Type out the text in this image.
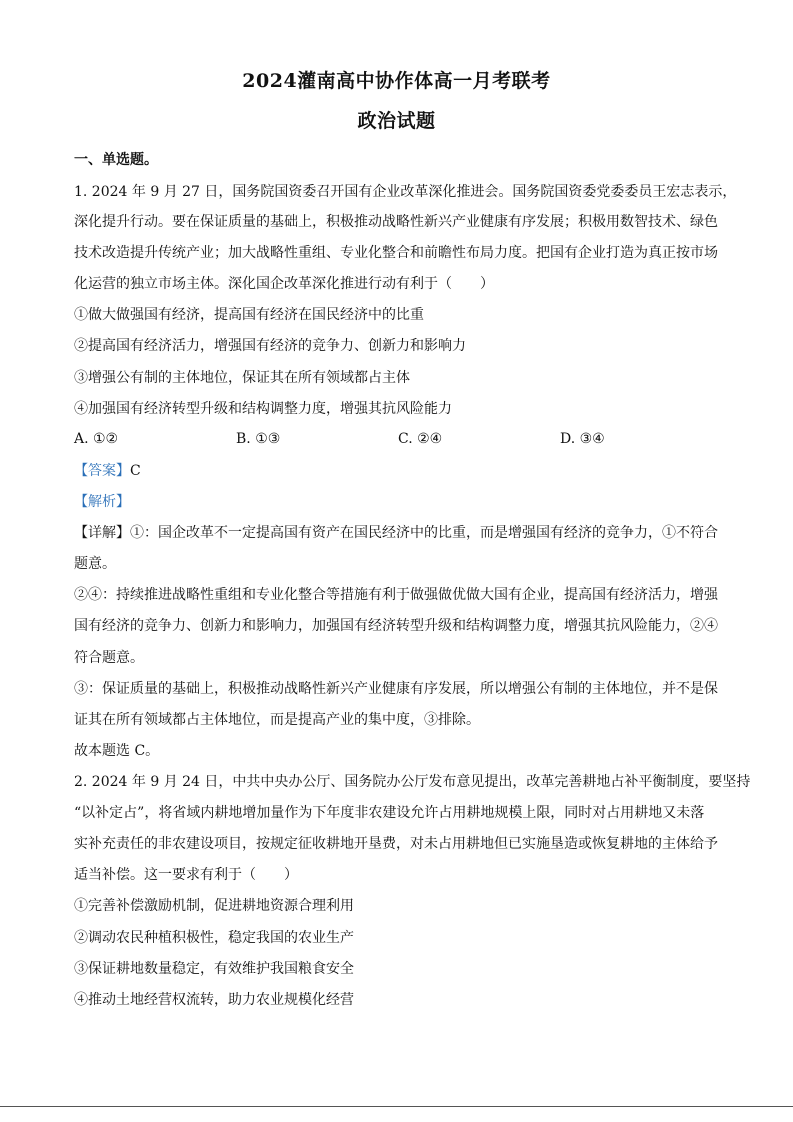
2024灌南高中协作体高一月考联考
政治试题
一、单选题。
1. 2024 年 9 月 27 日，国务院国资委召开国有企业改革深化推进会。国务院国资委党委委员王宏志表示，
深化提升行动。要在保证质量的基础上，积极推动战略性新兴产业健康有序发展；积极用数智技术、绿色
技术改造提升传统产业；加大战略性重组、专业化整合和前瞻性布局力度。把国有企业打造为真正按市场
化运营的独立市场主体。深化国企改革深化推进行动有利于（　　）
①做大做强国有经济，提高国有经济在国民经济中的比重
②提高国有经济活力，增强国有经济的竞争力、创新力和影响力
③增强公有制的主体地位，保证其在所有领域都占主体
④加强国有经济转型升级和结构调整力度，增强其抗风险能力
A. ①②	B. ①③	C. ②④	D. ③④
【答案】C
【解析】
【详解】①：国企改革不一定提高国有资产在国民经济中的比重，而是增强国有经济的竞争力，①不符合
题意。
②④：持续推进战略性重组和专业化整合等措施有利于做强做优做大国有企业，提高国有经济活力，增强
国有经济的竞争力、创新力和影响力，加强国有经济转型升级和结构调整力度，增强其抗风险能力，②④
符合题意。
③：保证质量的基础上，积极推动战略性新兴产业健康有序发展，所以增强公有制的主体地位，并不是保
证其在所有领域都占主体地位，而是提高产业的集中度，③排除。
故本题选 C。
2. 2024 年 9 月 24 日，中共中央办公厅、国务院办公厅发布意见提出，改革完善耕地占补平衡制度，要坚持
“以补定占”，将省域内耕地增加量作为下年度非农建设允许占用耕地规模上限，同时对占用耕地又未落
实补充责任的非农建设项目，按规定征收耕地开垦费，对未占用耕地但已实施垦造或恢复耕地的主体给予
适当补偿。这一要求有利于（　　）
①完善补偿激励机制，促进耕地资源合理利用
②调动农民种植积极性，稳定我国的农业生产
③保证耕地数量稳定，有效维护我国粮食安全
④推动土地经营权流转，助力农业规模化经营
